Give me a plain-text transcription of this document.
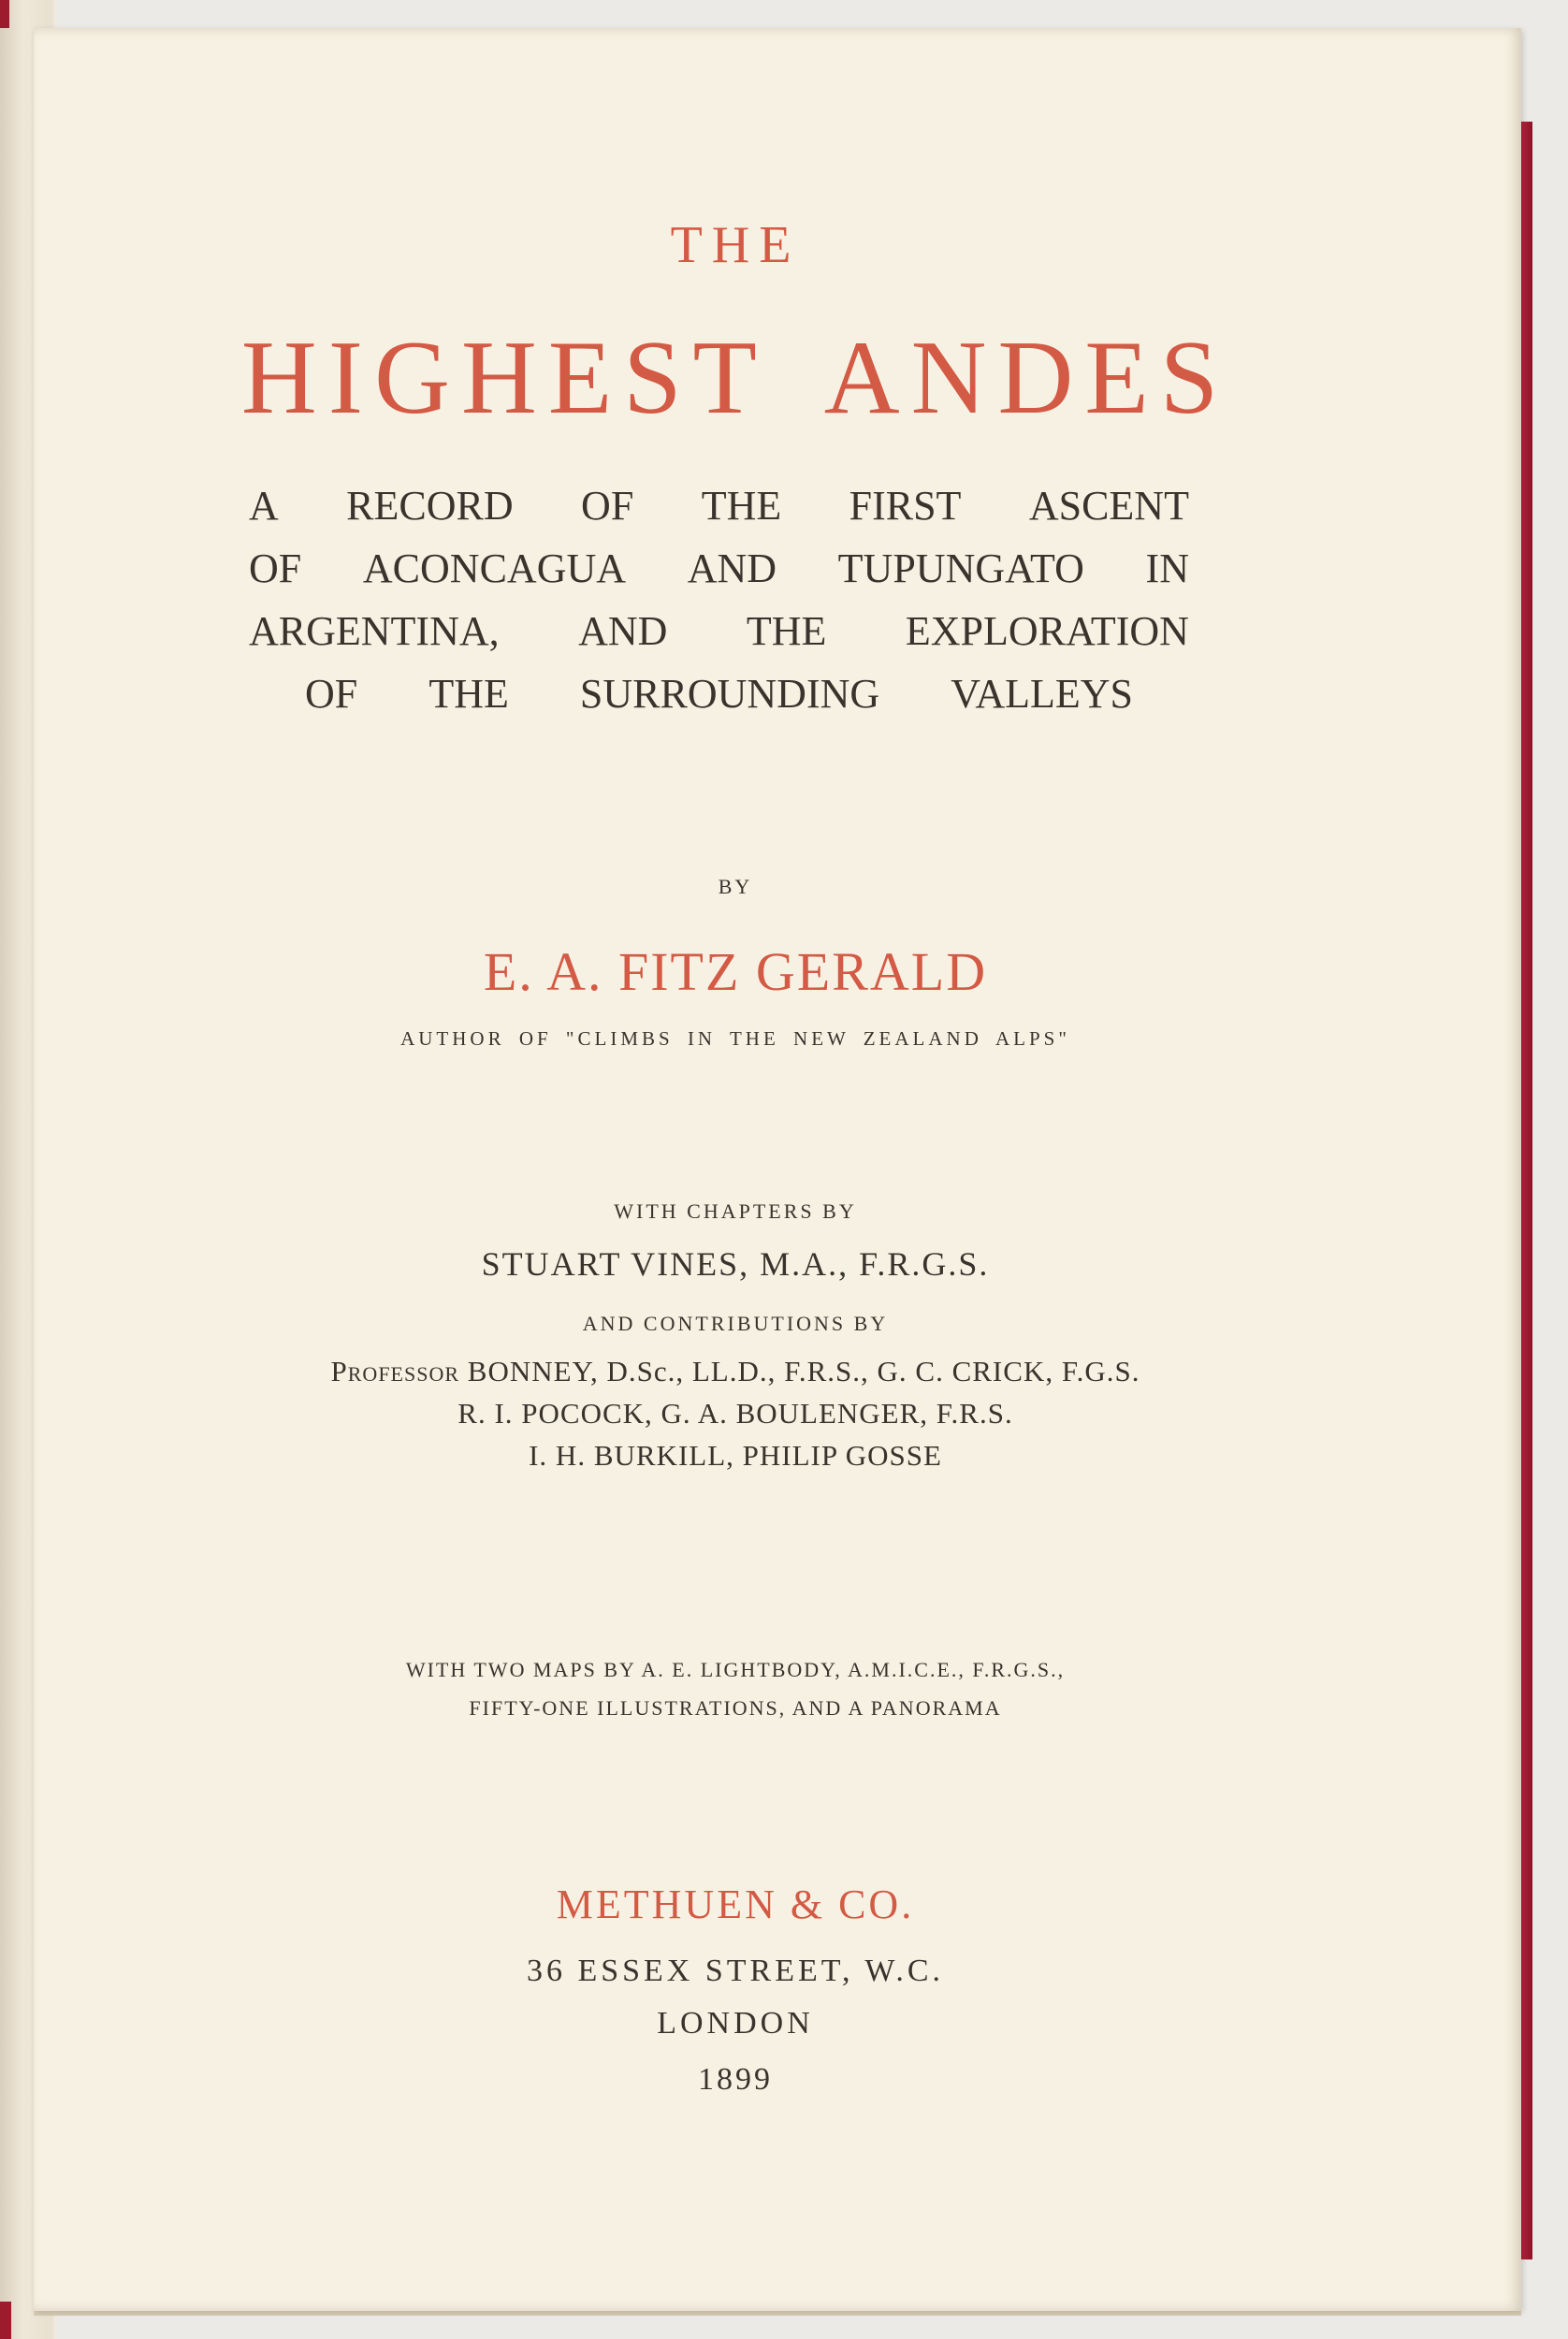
THE
HIGHEST ANDES
A RECORD OF THE FIRST ASCENT
OF ACONCAGUA AND TUPUNGATO IN
ARGENTINA, AND THE EXPLORATION
OF THE SURROUNDING VALLEYS
BY
E. A. FITZ GERALD
AUTHOR OF "CLIMBS IN THE NEW ZEALAND ALPS"
WITH CHAPTERS BY
STUART VINES, M.A., F.R.G.S.
AND CONTRIBUTIONS BY
Professor BONNEY, D.Sc., LL.D., F.R.S., G. C. CRICK, F.G.S.
R. I. POCOCK, G. A. BOULENGER, F.R.S.
I. H. BURKILL, PHILIP GOSSE
WITH TWO MAPS BY A. E. LIGHTBODY, A.M.I.C.E., F.R.G.S.,
FIFTY-ONE ILLUSTRATIONS, AND A PANORAMA
METHUEN & CO.
36 ESSEX STREET, W.C.
LONDON
1899
